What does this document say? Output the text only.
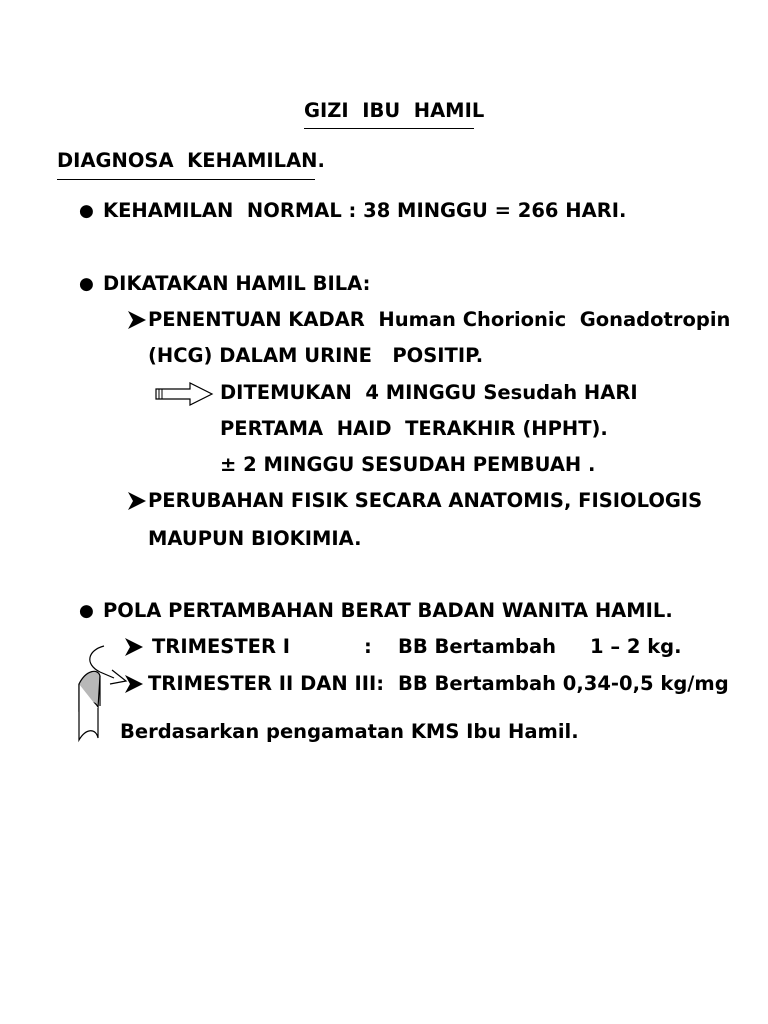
GIZI  IBU  HAMIL
DIAGNOSA  KEHAMILAN.
● KEHAMILAN  NORMAL : 38 MINGGU = 266 HARI.
● DIKATAKAN HAMIL BILA:
PENENTUAN KADAR  Human Chorionic  Gonadotropin
(HCG) DALAM URINE   POSITIP.
DITEMUKAN  4 MINGGU Sesudah HARI
PERTAMA  HAID  TERAKHIR (HPHT).
± 2 MINGGU SESUDAH PEMBUAH .
PERUBAHAN FISIK SECARA ANATOMIS, FISIOLOGIS
MAUPUN BIOKIMIA.
● POLA PERTAMBAHAN BERAT BADAN WANITA HAMIL.
TRIMESTER I	: BB Bertambah     1 – 2 kg.
TRIMESTER II DAN III: BB Bertambah 0,34-0,5 kg/mg
Berdasarkan pengamatan KMS Ibu Hamil.
